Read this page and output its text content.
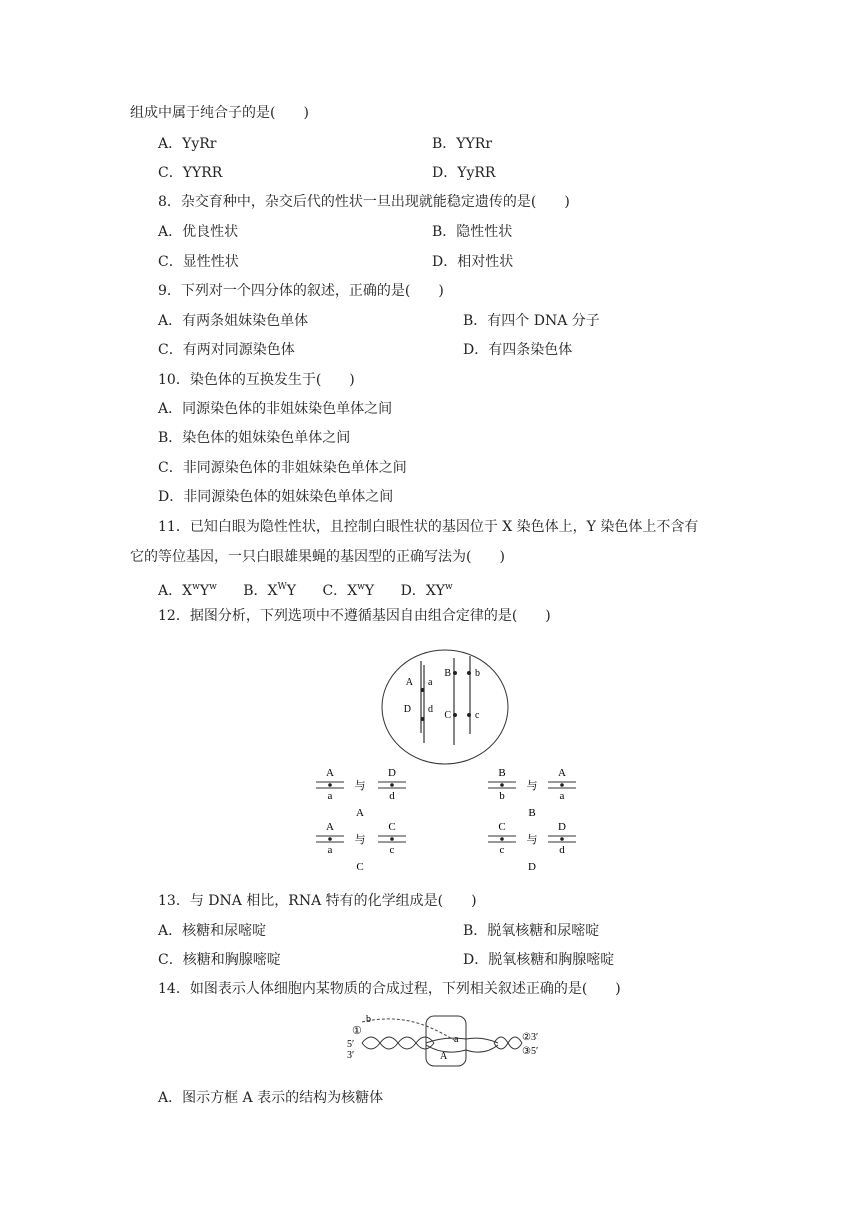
组成中属于纯合子的是(　　)
A．YyRr	B．YYRr
C．YYRR	D．YyRR
8．杂交育种中，杂交后代的性状一旦出现就能稳定遗传的是(　　)
A．优良性状	B．隐性性状
C．显性性状	D．相对性状
9．下列对一个四分体的叙述，正确的是(　　)
A．有两条姐妹染色单体	B．有四个 DNA 分子
C．有两对同源染色体	D．有四条染色体
10．染色体的互换发生于(　　)
A．同源染色体的非姐妹染色单体之间
B．染色体的姐妹染色单体之间
C．非同源染色体的非姐妹染色单体之间
D．非同源染色体的姐妹染色单体之间
11．已知白眼为隐性性状，且控制白眼性状的基因位于 X 染色体上，Y 染色体上不含有
它的等位基因，一只白眼雄果蝇的基因型的正确写法为(　　)
A．$X^wY^w$ B．$X^WY$ C．$X^wY$ D．$XY^w$
12．据图分析，下列选项中不遵循基因自由组合定律的是(　　)
A a
D d
B b
C c
A
a
与
D
d
A
B
b
与
A
a
B
A
a
与
C
c
C
C
c
与
D
d
D
13．与 DNA 相比，RNA 特有的化学组成是(　　)
A．核糖和尿嘧啶	B．脱氧核糖和尿嘧啶
C．核糖和胸腺嘧啶	D．脱氧核糖和胸腺嘧啶
14．如图表示人体细胞内某物质的合成过程，下列相关叙述正确的是(　　)
b
①
5′
3′	A
a	②3′
③5′
A．图示方框 A 表示的结构为核糖体
